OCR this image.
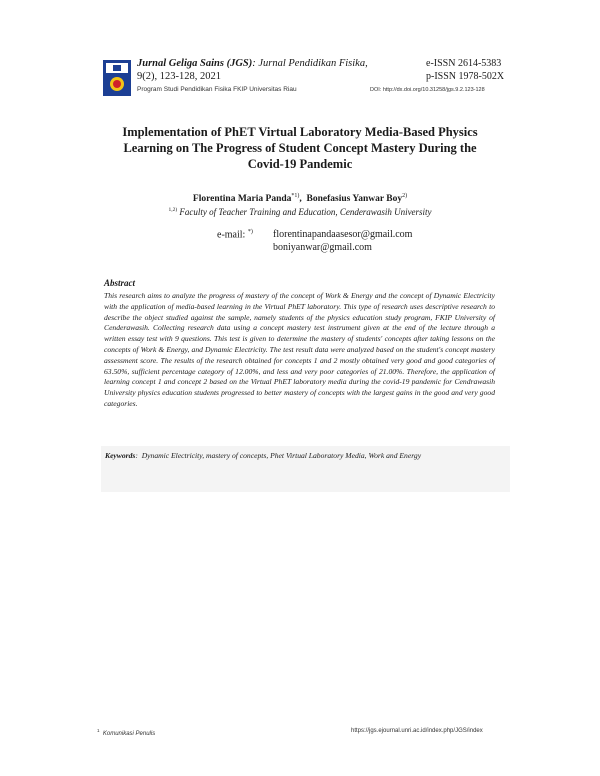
Jurnal Geliga Sains (JGS): Jurnal Pendidikan Fisika,
9(2), 123-128, 2021
Program Studi Pendidikan Fisika FKIP Universitas Riau
e-ISSN 2614-5383
p-ISSN 1978-502X
DOI: http://dx.doi.org/10.31258/jgs.9.2.123-128
Implementation of PhET Virtual Laboratory Media-Based Physics Learning on The Progress of Student Concept Mastery During the Covid-19 Pandemic
Florentina Maria Panda$^{*1)}$, Bonefasius Yanwar Boy$^{2)}$
$^{1,2)}$ Faculty of Teacher Training and Education, Cenderawasih University
e-mail: *) florentinapandaasesor@gmail.com
boniyanwar@gmail.com
Abstract
This research aims to analyze the progress of mastery of the concept of Work & Energy and the concept of Dynamic Electricity with the application of media-based learning in the Virtual PhET laboratory. This type of research uses descriptive research to describe the object studied against the sample, namely students of the physics education study program, FKIP University of Cenderawasih. Collecting research data using a concept mastery test instrument given at the end of the lecture through a written essay test with 9 questions. This test is given to determine the mastery of students' concepts after taking lessons on the concepts of Work & Energy, and Dynamic Electricity. The test result data were analyzed based on the student's concept mastery assessment score. The results of the research obtained for concepts 1 and 2 mostly obtained very good and good categories of 63.50%, sufficient percentage category of 12.00%, and less and very poor categories of 21.00%. Therefore, the application of learning concept 1 and concept 2 based on the Virtual PhET laboratory media during the covid-19 pandemic for Cendrawasih University physics education students progressed to better mastery of concepts with the largest gains in the good and very good categories.
Keywords: Dynamic Electricity, mastery of concepts, Phet Virtual Laboratory Media, Work and Energy
$^1$  Komunikasi Penulis	https://jgs.ejournal.unri.ac.id/index.php/JGS/index
